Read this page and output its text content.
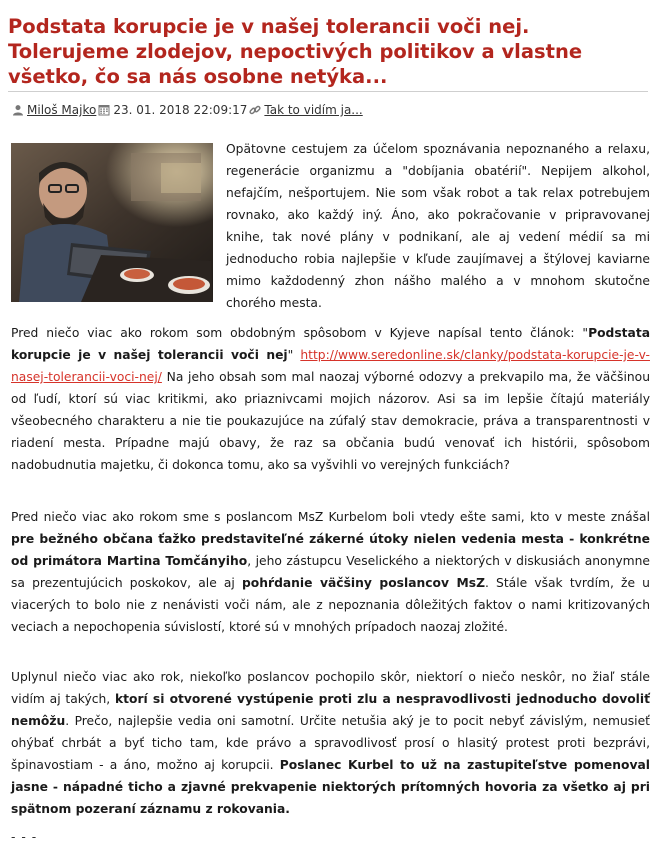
Podstata korupcie je v našej tolerancii voči nej. Tolerujeme zlodejov, nepoctivých politikov a vlastne všetko, čo sa nás osobne netýka...
Miloš Majko 23. 01. 2018 22:09:17 Tak to vidím ja...

Opätovne cestujem za účelom spoznávania nepoznaného a relaxu, regenerácie organizmu a "dobíjania obatérií". Nepijem alkohol, nefajčím, nešportujem. Nie som však robot a tak relax potrebujem rovnako, ako každý iný. Áno, ako pokračovanie v pripravovanej knihe, tak nové plány v podnikaní, ale aj vedení médií sa mi jednoducho robia najlepšie v kľude zaujímavej a štýlovej kaviarne mimo každodenný zhon nášho malého a v mnohom skutočne chorého mesta.

Pred niečo viac ako rokom som obdobným spôsobom v Kyjeve napísal tento článok: "Podstata korupcie je v našej tolerancii voči nej" http://www.seredonline.sk/clanky/podstata-korupcie-je-v-nasej-tolerancii-voci-nej/ Na jeho obsah som mal naozaj výborné odozvy a prekvapilo ma, že väčšinou od ľudí, ktorí sú viac kritikmi, ako priaznivcami mojich názorov. Asi sa im lepšie čítajú materiály všeobecného charakteru a nie tie poukazujúce na zúfalý stav demokracie, práva a transparentnosti v riadení mesta. Prípadne majú obavy, že raz sa občania budú venovať ich histórii, spôsobom nadobudnutia majetku, či dokonca tomu, ako sa vyšvihli vo verejných funkciách?

Pred niečo viac ako rokom sme s poslancom MsZ Kurbelom boli vtedy ešte sami, kto v meste znášal pre bežného občana ťažko predstaviteľné zákerné útoky nielen vedenia mesta - konkrétne od primátora Martina Tomčányiho, jeho zástupcu Veselického a niektorých v diskusiách anonymne sa prezentujúcich poskokov, ale aj pohŕdanie väčšiny poslancov MsZ. Stále však tvrdím, že u viacerých to bolo nie z nenávisti voči nám, ale z nepoznania dôležitých faktov o nami kritizovaných veciach a nepochopenia súvislostí, ktoré sú v mnohých prípadoch naozaj zložité.

Uplynul niečo viac ako rok, niekoľko poslancov pochopilo skôr, niektorí o niečo neskôr, no žiaľ stále vidím aj takých, ktorí si otvorené vystúpenie proti zlu a nespravodlivosti jednoducho dovoliť nemôžu. Prečo, najlepšie vedia oni samotní. Určite netušia aký je to pocit nebyť závislým, nemusieť ohýbať chrbát a byť ticho tam, kde právo a spravodlivosť prosí o hlasitý protest proti bezprávi, špinavostiam - a áno, možno aj korupcii. Poslanec Kurbel to už na zastupiteľstve pomenoval jasne - nápadné ticho a zjavné prekvapenie niektorých prítomných hovoria za všetko aj pri spätnom pozeraní záznamu z rokovania.

- - -
